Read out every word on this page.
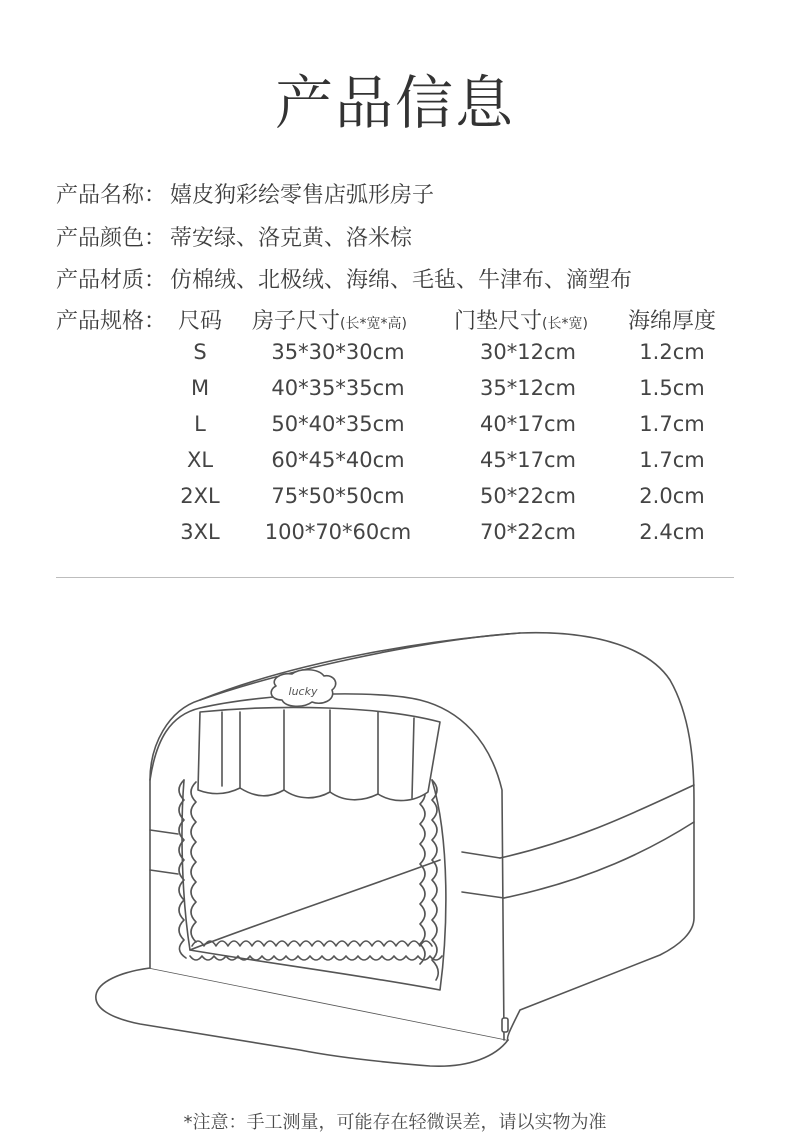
产品信息
产品名称： 嬉皮狗彩绘零售店弧形房子
产品颜色： 蒂安绿、洛克黄、洛米棕
产品材质： 仿棉绒、北极绒、海绵、毛毡、牛津布、滴塑布
产品规格： 尺码 房子尺寸(长*宽*高) 门垫尺寸(长*宽) 海绵厚度
S	35*30*30cm	30*12cm	1.2cm
M	40*35*35cm	35*12cm	1.5cm
L	50*40*35cm	40*17cm	1.7cm
XL	60*45*40cm	45*17cm	1.7cm
2XL	75*50*50cm	50*22cm	2.0cm
3XL	100*70*60cm	70*22cm	2.4cm
lucky
*注意：手工测量，可能存在轻微误差，请以实物为准
